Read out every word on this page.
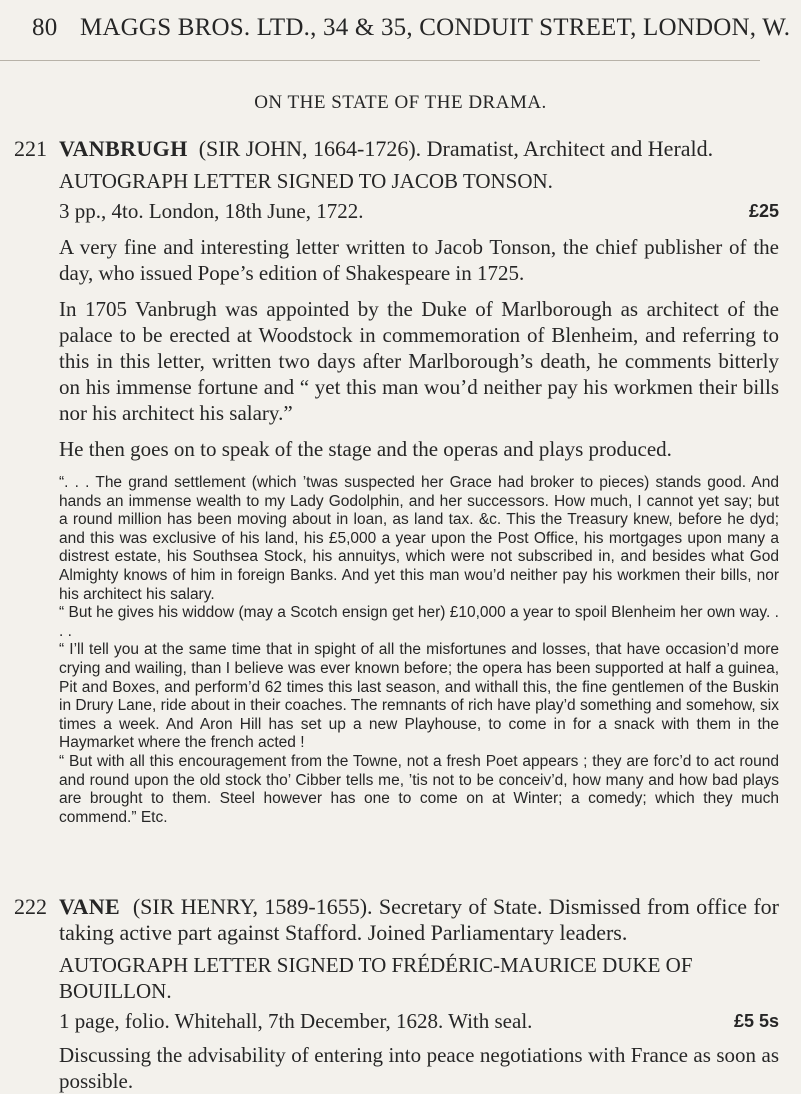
80 MAGGS BROS. LTD., 34 & 35, CONDUIT STREET, LONDON, W.
ON THE STATE OF THE DRAMA.
221 VANBRUGH (SIR JOHN, 1664-1726). Dramatist, Architect and Herald.

AUTOGRAPH LETTER SIGNED TO JACOB TONSON.

3 pp., 4to. London, 18th June, 1722.	£25

A very fine and interesting letter written to Jacob Tonson, the chief publisher of the day, who issued Pope’s edition of Shakespeare in 1725.

In 1705 Vanbrugh was appointed by the Duke of Marlborough as architect of the palace to be erected at Woodstock in commemoration of Blenheim, and referring to this in this letter, written two days after Marlborough’s death, he comments bitterly on his immense fortune and “ yet this man wou’d neither pay his workmen their bills nor his architect his salary.”

He then goes on to speak of the stage and the operas and plays produced.

“. . . The grand settlement (which ’twas suspected her Grace had broker to pieces) stands good. And hands an immense wealth to my Lady Godolphin, and her successors. How much, I cannot yet say; but a round million has been moving about in loan, as land tax. &c. This the Treasury knew, before he dyd; and this was exclusive of his land, his £5,000 a year upon the Post Office, his mortgages upon many a distrest estate, his Southsea Stock, his annuitys, which were not subscribed in, and besides what God Almighty knows of him in foreign Banks. And yet this man wou’d neither pay his workmen their bills, nor his architect his salary.

“ But he gives his widdow (may a Scotch ensign get her) £10,000 a year to spoil Blenheim her own way. . . .

“ I’ll tell you at the same time that in spight of all the misfortunes and losses, that have occasion’d more crying and wailing, than I believe was ever known before; the opera has been supported at half a guinea, Pit and Boxes, and perform’d 62 times this last season, and withall this, the fine gentlemen of the Buskin in Drury Lane, ride about in their coaches. The remnants of rich have play’d something and somehow, six times a week. And Aron Hill has set up a new Playhouse, to come in for a snack with them in the Haymarket where the french acted !

“ But with all this encouragement from the Towne, not a fresh Poet appears ; they are forc’d to act round and round upon the old stock tho’ Cibber tells me, ’tis not to be conceiv’d, how many and how bad plays are brought to them. Steel however has one to come on at Winter; a comedy; which they much commend.” Etc.

222 VANE (SIR HENRY, 1589-1655). Secretary of State. Dismissed from office for taking active part against Stafford. Joined Parliamentary leaders.

AUTOGRAPH LETTER SIGNED TO FRÉDÉRIC-MAURICE DUKE OF BOUILLON.

1 page, folio. Whitehall, 7th December, 1628. With seal.	£5 5s

Discussing the advisability of entering into peace negotiations with France as soon as possible.
